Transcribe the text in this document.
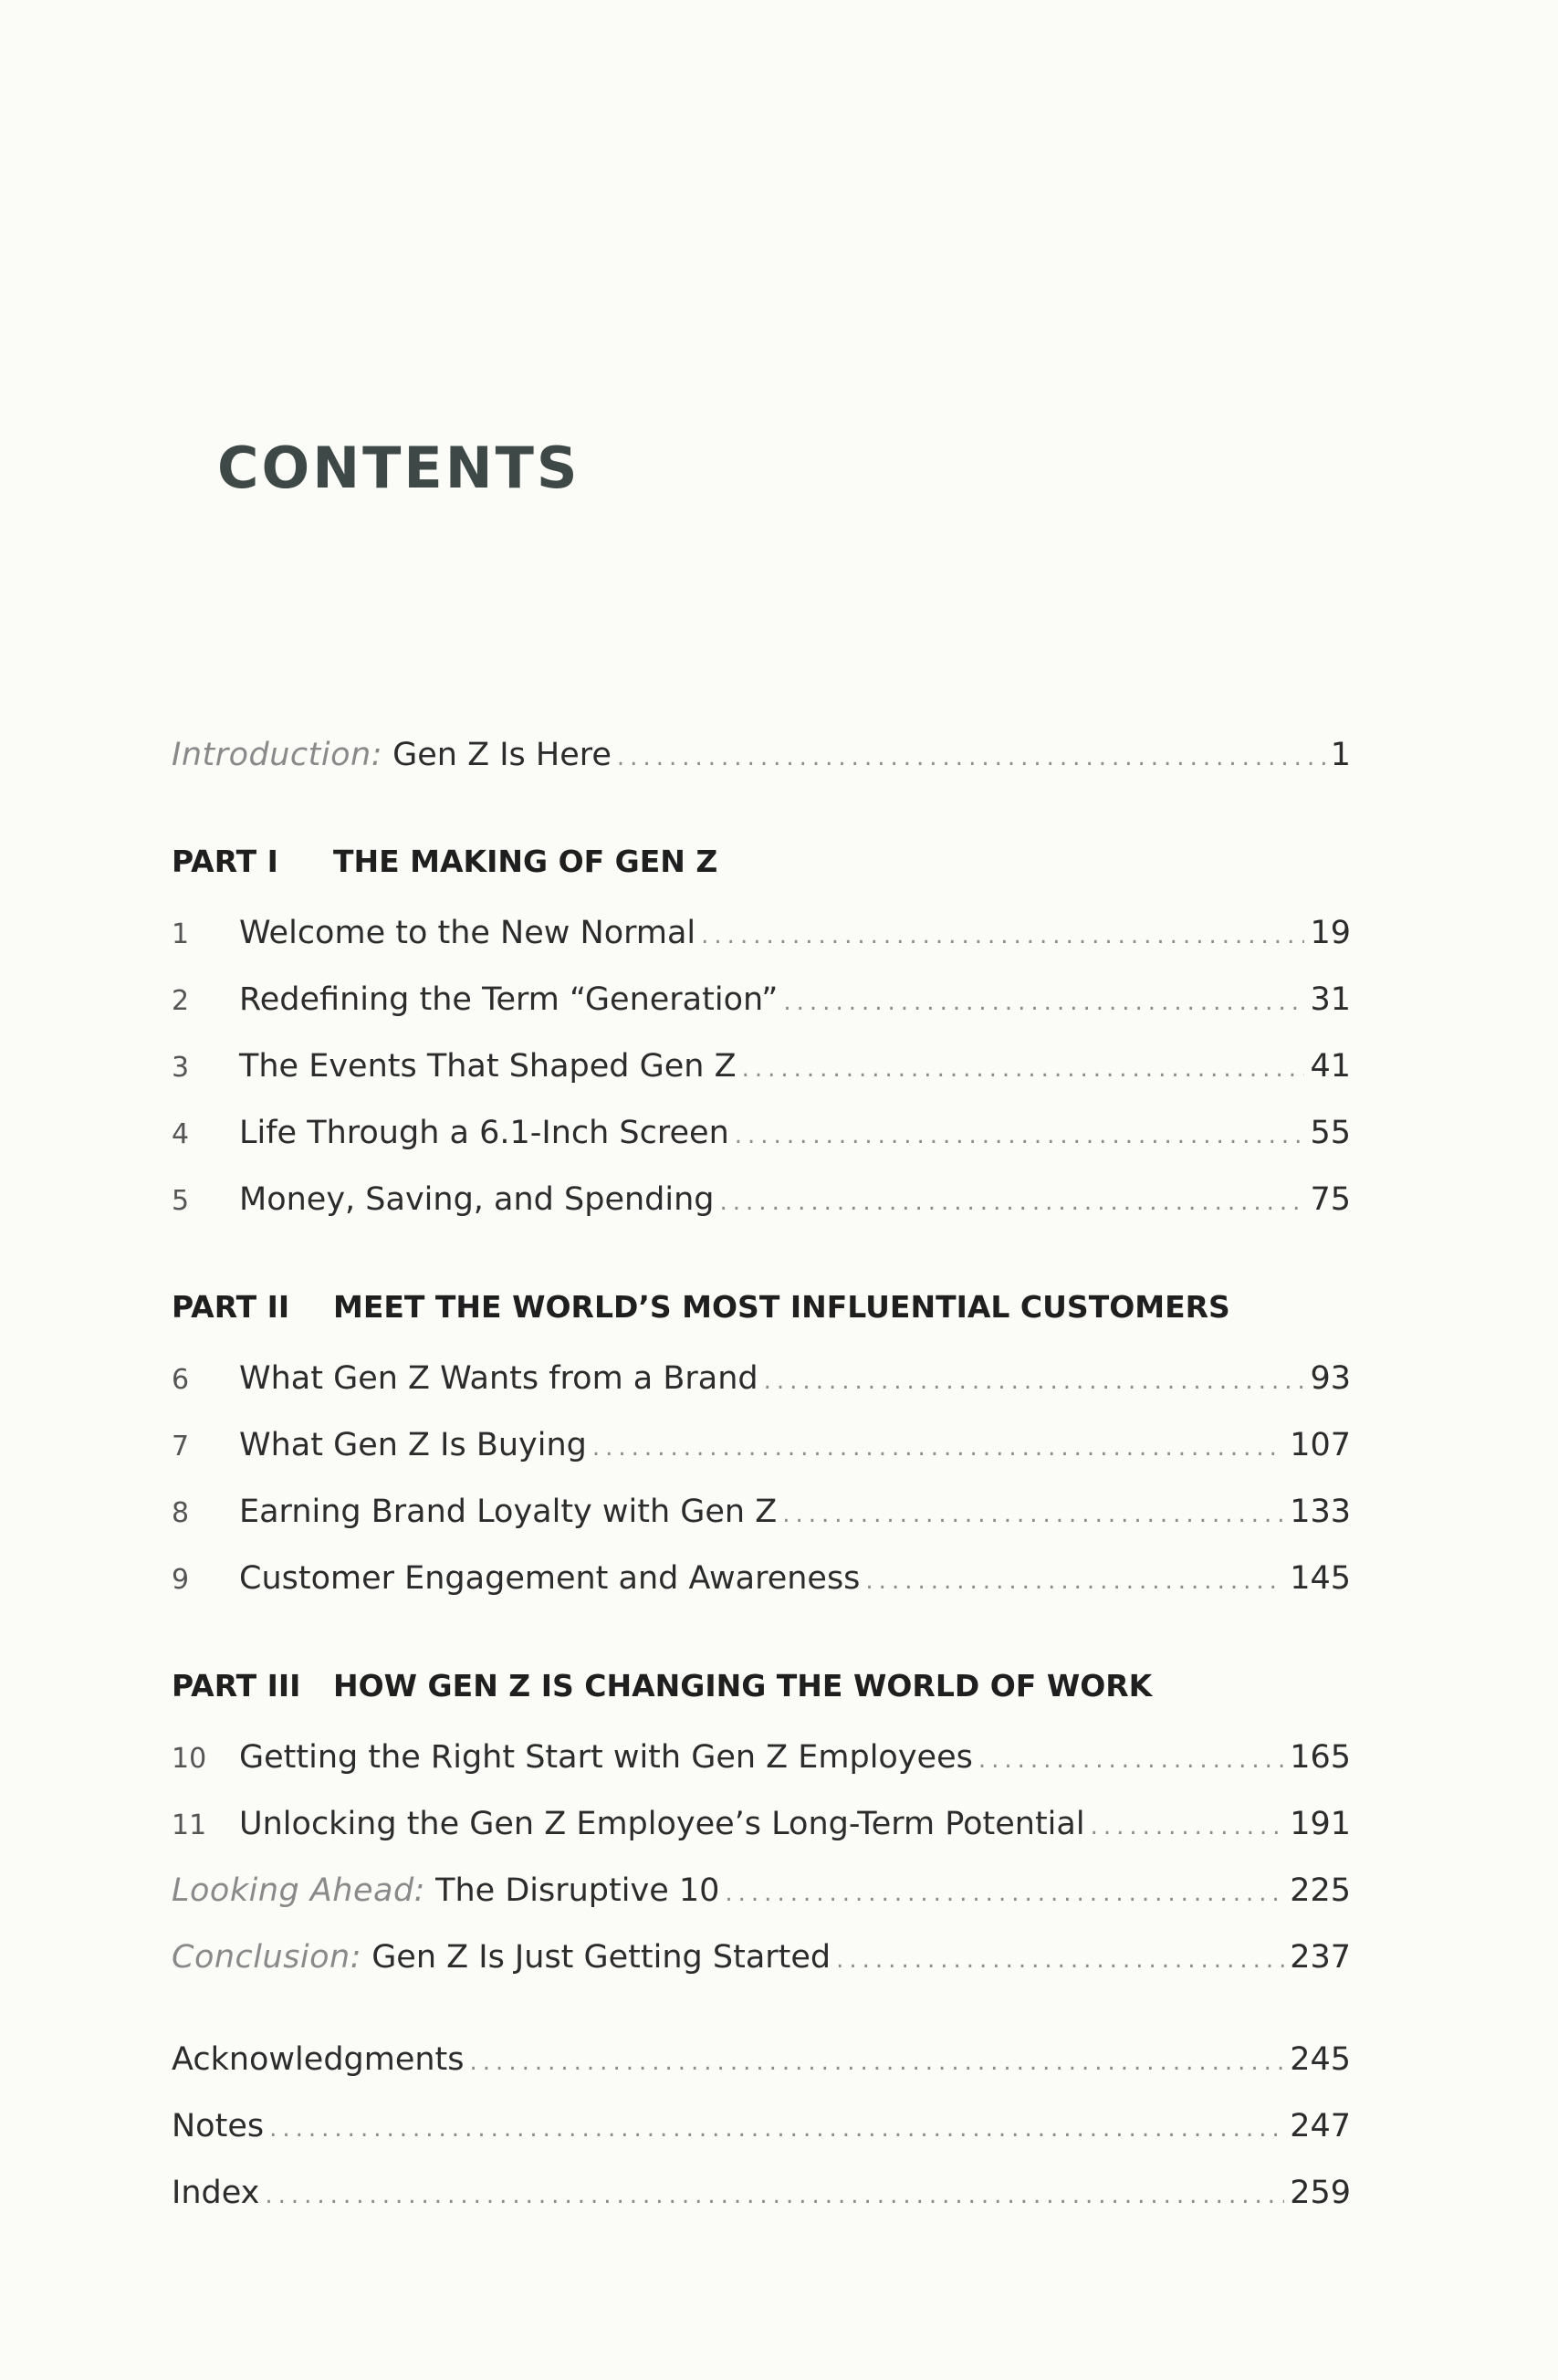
CONTENTS
Introduction: Gen Z Is Here .....	1
PART I THE MAKING OF GEN Z
1	Welcome to the New Normal .....	19
2	Redefining the Term “Generation” .....	31
3	The Events That Shaped Gen Z .....	41
4	Life Through a 6.1-Inch Screen .....	55
5	Money, Saving, and Spending .....	75
PART II MEET THE WORLD’S MOST INFLUENTIAL CUSTOMERS
6	What Gen Z Wants from a Brand .....	93
7	What Gen Z Is Buying .....	107
8	Earning Brand Loyalty with Gen Z .....	133
9	Customer Engagement and Awareness .....	145
PART III HOW GEN Z IS CHANGING THE WORLD OF WORK
10	Getting the Right Start with Gen Z Employees .....	165
11	Unlocking the Gen Z Employee’s Long-Term Potential .....	191
Looking Ahead: The Disruptive 10 .....	225
Conclusion: Gen Z Is Just Getting Started .....	237
Acknowledgments .....	245
Notes .....	247
Index .....	259
